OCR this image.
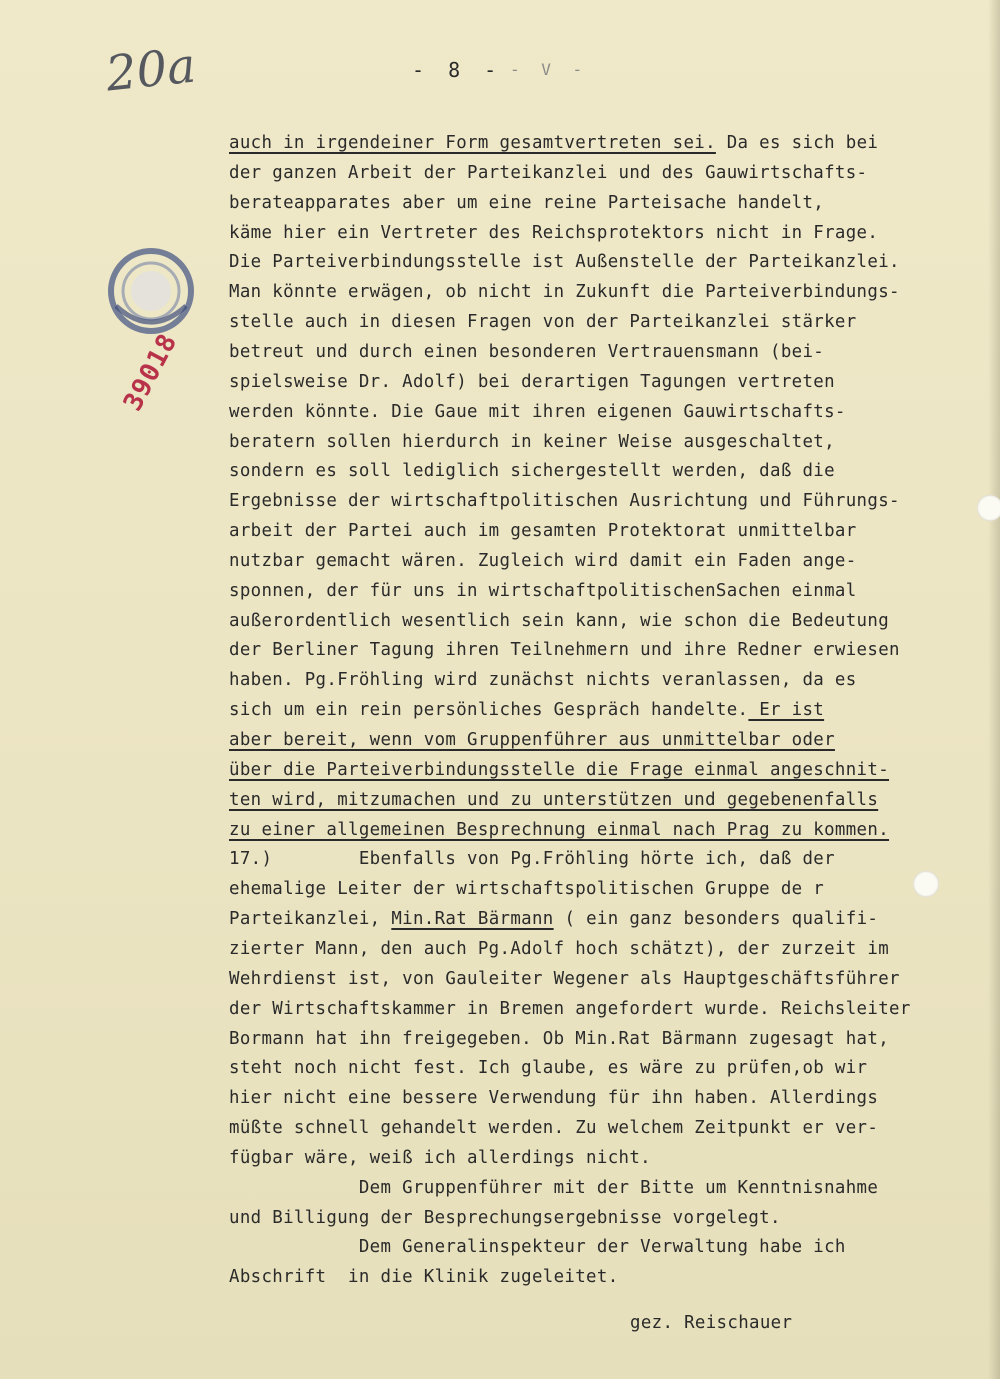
20a	- 8 - - V -
39018
auch in irgendeiner Form gesamtvertreten sei. Da es sich bei
der ganzen Arbeit der Parteikanzlei und des Gauwirtschafts-
berateapparates aber um eine reine Parteisache handelt,
käme hier ein Vertreter des Reichsprotektors nicht in Frage.
Die Parteiverbindungsstelle ist Außenstelle der Parteikanzlei.
Man könnte erwägen, ob nicht in Zukunft die Parteiverbindungs-
stelle auch in diesen Fragen von der Parteikanzlei stärker
betreut und durch einen besonderen Vertrauensmann (bei-
spielsweise Dr. Adolf) bei derartigen Tagungen vertreten
werden könnte. Die Gaue mit ihren eigenen Gauwirtschafts-
beratern sollen hierdurch in keiner Weise ausgeschaltet,
sondern es soll lediglich sichergestellt werden, daß die
Ergebnisse der wirtschaftpolitischen Ausrichtung und Führungs-
arbeit der Partei auch im gesamten Protektorat unmittelbar
nutzbar gemacht wären. Zugleich wird damit ein Faden ange-
sponnen, der für uns in wirtschaftpolitischenSachen einmal
außerordentlich wesentlich sein kann, wie schon die Bedeutung
der Berliner Tagung ihren Teilnehmern und ihre Redner erwiesen
haben. Pg.Fröhling wird zunächst nichts veranlassen, da es
sich um ein rein persönliches Gespräch handelte. Er ist
aber bereit, wenn vom Gruppenführer aus unmittelbar oder
über die Parteiverbindungsstelle die Frage einmal angeschnit-
ten wird, mitzumachen und zu unterstützen und gegebenenfalls
zu einer allgemeinen Besprechnung einmal nach Prag zu kommen.
17.)        Ebenfalls von Pg.Fröhling hörte ich, daß der
ehemalige Leiter der wirtschaftspolitischen Gruppe de r
Parteikanzlei, Min.Rat Bärmann ( ein ganz besonders qualifi-
zierter Mann, den auch Pg.Adolf hoch schätzt), der zurzeit im
Wehrdienst ist, von Gauleiter Wegener als Hauptgeschäftsführer
der Wirtschaftskammer in Bremen angefordert wurde. Reichsleiter
Bormann hat ihn freigegeben. Ob Min.Rat Bärmann zugesagt hat,
steht noch nicht fest. Ich glaube, es wäre zu prüfen,ob wir
hier nicht eine bessere Verwendung für ihn haben. Allerdings
müßte schnell gehandelt werden. Zu welchem Zeitpunkt er ver-
fügbar wäre, weiß ich allerdings nicht.
Dem Gruppenführer mit der Bitte um Kenntnisnahme
und Billigung der Besprechungsergebnisse vorgelegt.
Dem Generalinspekteur der Verwaltung habe ich
Abschrift  in die Klinik zugeleitet.
gez. Reischauer
